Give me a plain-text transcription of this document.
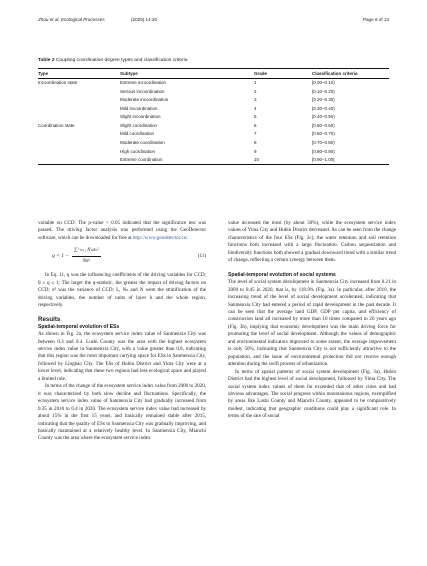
Zhou et al. Ecological Processes	(2025) 14:20	Page 6 of 13
Table 2 Coupling coordination degree types and classification criteria
Type	Subtype	Grade	Classification criteria
Incoordination state	Extreme incoordination	1	[0.00–0.10)
	Serious incoordination	2	[0.10–0.20)
	Moderate incoordination	3	[0.20–0.30)
	Mild incoordination	4	[0.30–0.40)
	Slight incoordination	5	[0.40–0.50)
Coordination state	Slight coordination	6	[0.50–0.60)
	Mild coordination	7	[0.60–0.70)
	Moderate coordination	8	[0.70–0.80)
	High coordination	9	[0.80–0.90)
	Extreme coordination	10	[0.90–1.00]

variable on CCD. The p-value < 0.05 indicated that the significance test was passed. The driving factor analysis was performed using the GeoDetector software, which can be downloaded for free at http://www.geodetector.cn/.

$q = 1 - \frac{\text{∑ᴸₕ₌₁ Nₕσₕ²}}{\text{Nσ²}}$	(11)

In Eq. 11, q was the influencing coefficients of the driving variables for CCD; 0 ≤ q ≤ 1; The larger the q-statistic, the greater the impact of driving factors on CCD; σ² was the variance of CCD; L, Nₕ and N were the stratification of the driving variables, the number of units of layer h and the whole region, respectively.

Results
Spatial-temporal evolution of ESs

As shown in Fig. 2a, the ecosystem service index value of Sanmenxia City was between 0.3 and 0.4. Lushi County was the area with the highest ecosystem service index value in Sanmenxia City, with a value greater than 0.8, indicating that this region was the most important carrying space for ESs in Sanmenxia City, followed by Lingbao City. The ESs of Hubin District and Yima City were at a lower level, indicating that these two regions had less ecological space and played a limited role.

In terms of the change of the ecosystem service index value from 2000 to 2020, it was characterized by both slow decline and fluctuations. Specifically, the ecosystem service index value of Sanmenxia City had gradually increased from 0.35 in 2010 to 0.4 in 2020. The ecosystem service index value had increased by about 15% in the first 15 years, and basically remained stable after 2015, indicating that the quality of ESs in Sanmenxia City was gradually improving, and basically maintained at a relatively healthy level. In Sanmenxia City, Mianchi County was the area where the ecosystem service index

value increased the most (by about 30%), while the ecosystem service index values of Yima City and Hubin District decreased. As can be seen from the change characteristics of the four ESs (Fig. 2c), the water retention and soil retention functions both increased with a large fluctuation. Carbon sequestration and biodiversity functions both showed a gradual downward trend with a similar trend of change, reflecting a certain synergy between them.

Spatial-temporal evolution of social systems

The level of social system development in Sanmenxia City increased from 0.21 in 2000 to 0.45 in 2020, that is, by 118.9% (Fig. 3a). In particular, after 2010, the increasing trend of the level of social development accelerated, indicating that Sanmenxia City had entered a period of rapid development in the past decade. It can be seen that the average land GDP, GDP per capita, and efficiency of construction land all increased by more than 10 times compared to 20 years ago (Fig. 3b), implying that economic development was the main driving force for promoting the level of social development. Although the values of demographic and environmental indicators improved to some extent, the average improvement is only 50%, indicating that Sanmenxia City is not sufficiently attractive to the population, and the issue of environmental protection did not receive enough attention during the swift process of urbanization.

In terms of spatial patterns of social system development (Fig. 3a), Hubin District had the highest level of social development, followed by Yima City. The social system index values of them far exceeded that of other cities and had obvious advantages. The social progress within mountainous regions, exemplified by areas like Lushi County and Mianchi County, appeared to be comparatively modest, indicating that geographic conditions could play a significant role. In terms of the rate of social
